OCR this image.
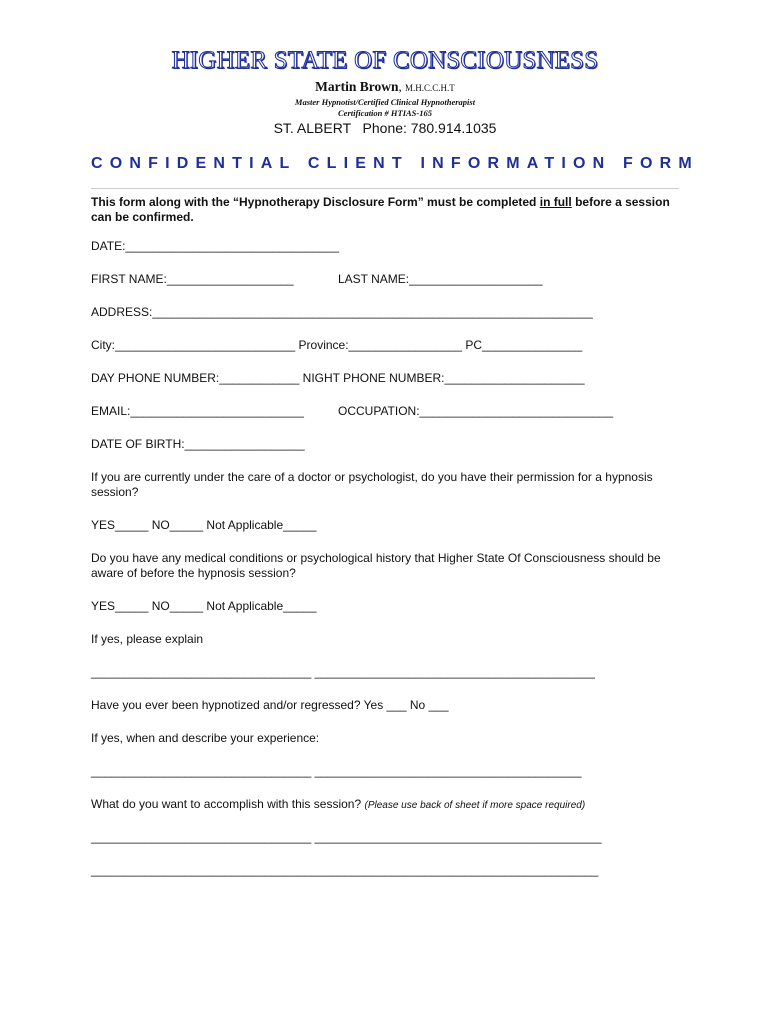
HIGHER STATE OF CONSCIOUSNESS
Martin Brown, M.H.C.C.H.T
Master Hypnotist/Certified Clinical Hypnotherapist
Certification # HTIAS-165
ST. ALBERT   Phone: 780.914.1035
CONFIDENTIAL CLIENT INFORMATION FORM
This form along with the “Hypnotherapy Disclosure Form” must be completed in full before a session can be confirmed.
DATE:________________________________
FIRST NAME:___________________	LAST NAME:____________________
ADDRESS:__________________________________________________________________
City:___________________________ Province:_________________ PC_______________
DAY PHONE NUMBER:____________ NIGHT PHONE NUMBER:_____________________
EMAIL:__________________________	OCCUPATION:_____________________________
DATE OF BIRTH:__________________
If you are currently under the care of a doctor or psychologist, do you have their permission for a hypnosis session?
YES_____ NO_____ Not Applicable_____
Do you have any medical conditions or psychological history that Higher State Of Consciousness should be aware of before the hypnosis session?
YES_____ NO_____ Not Applicable_____
If yes, please explain
_________________________________ __________________________________________
Have you ever been hypnotized and/or regressed? Yes ___ No ___
If yes, when and describe your experience:
_________________________________ ________________________________________
What do you want to accomplish with this session? (Please use back of sheet if more space required)
_________________________________ ___________________________________________
____________________________________________________________________________
